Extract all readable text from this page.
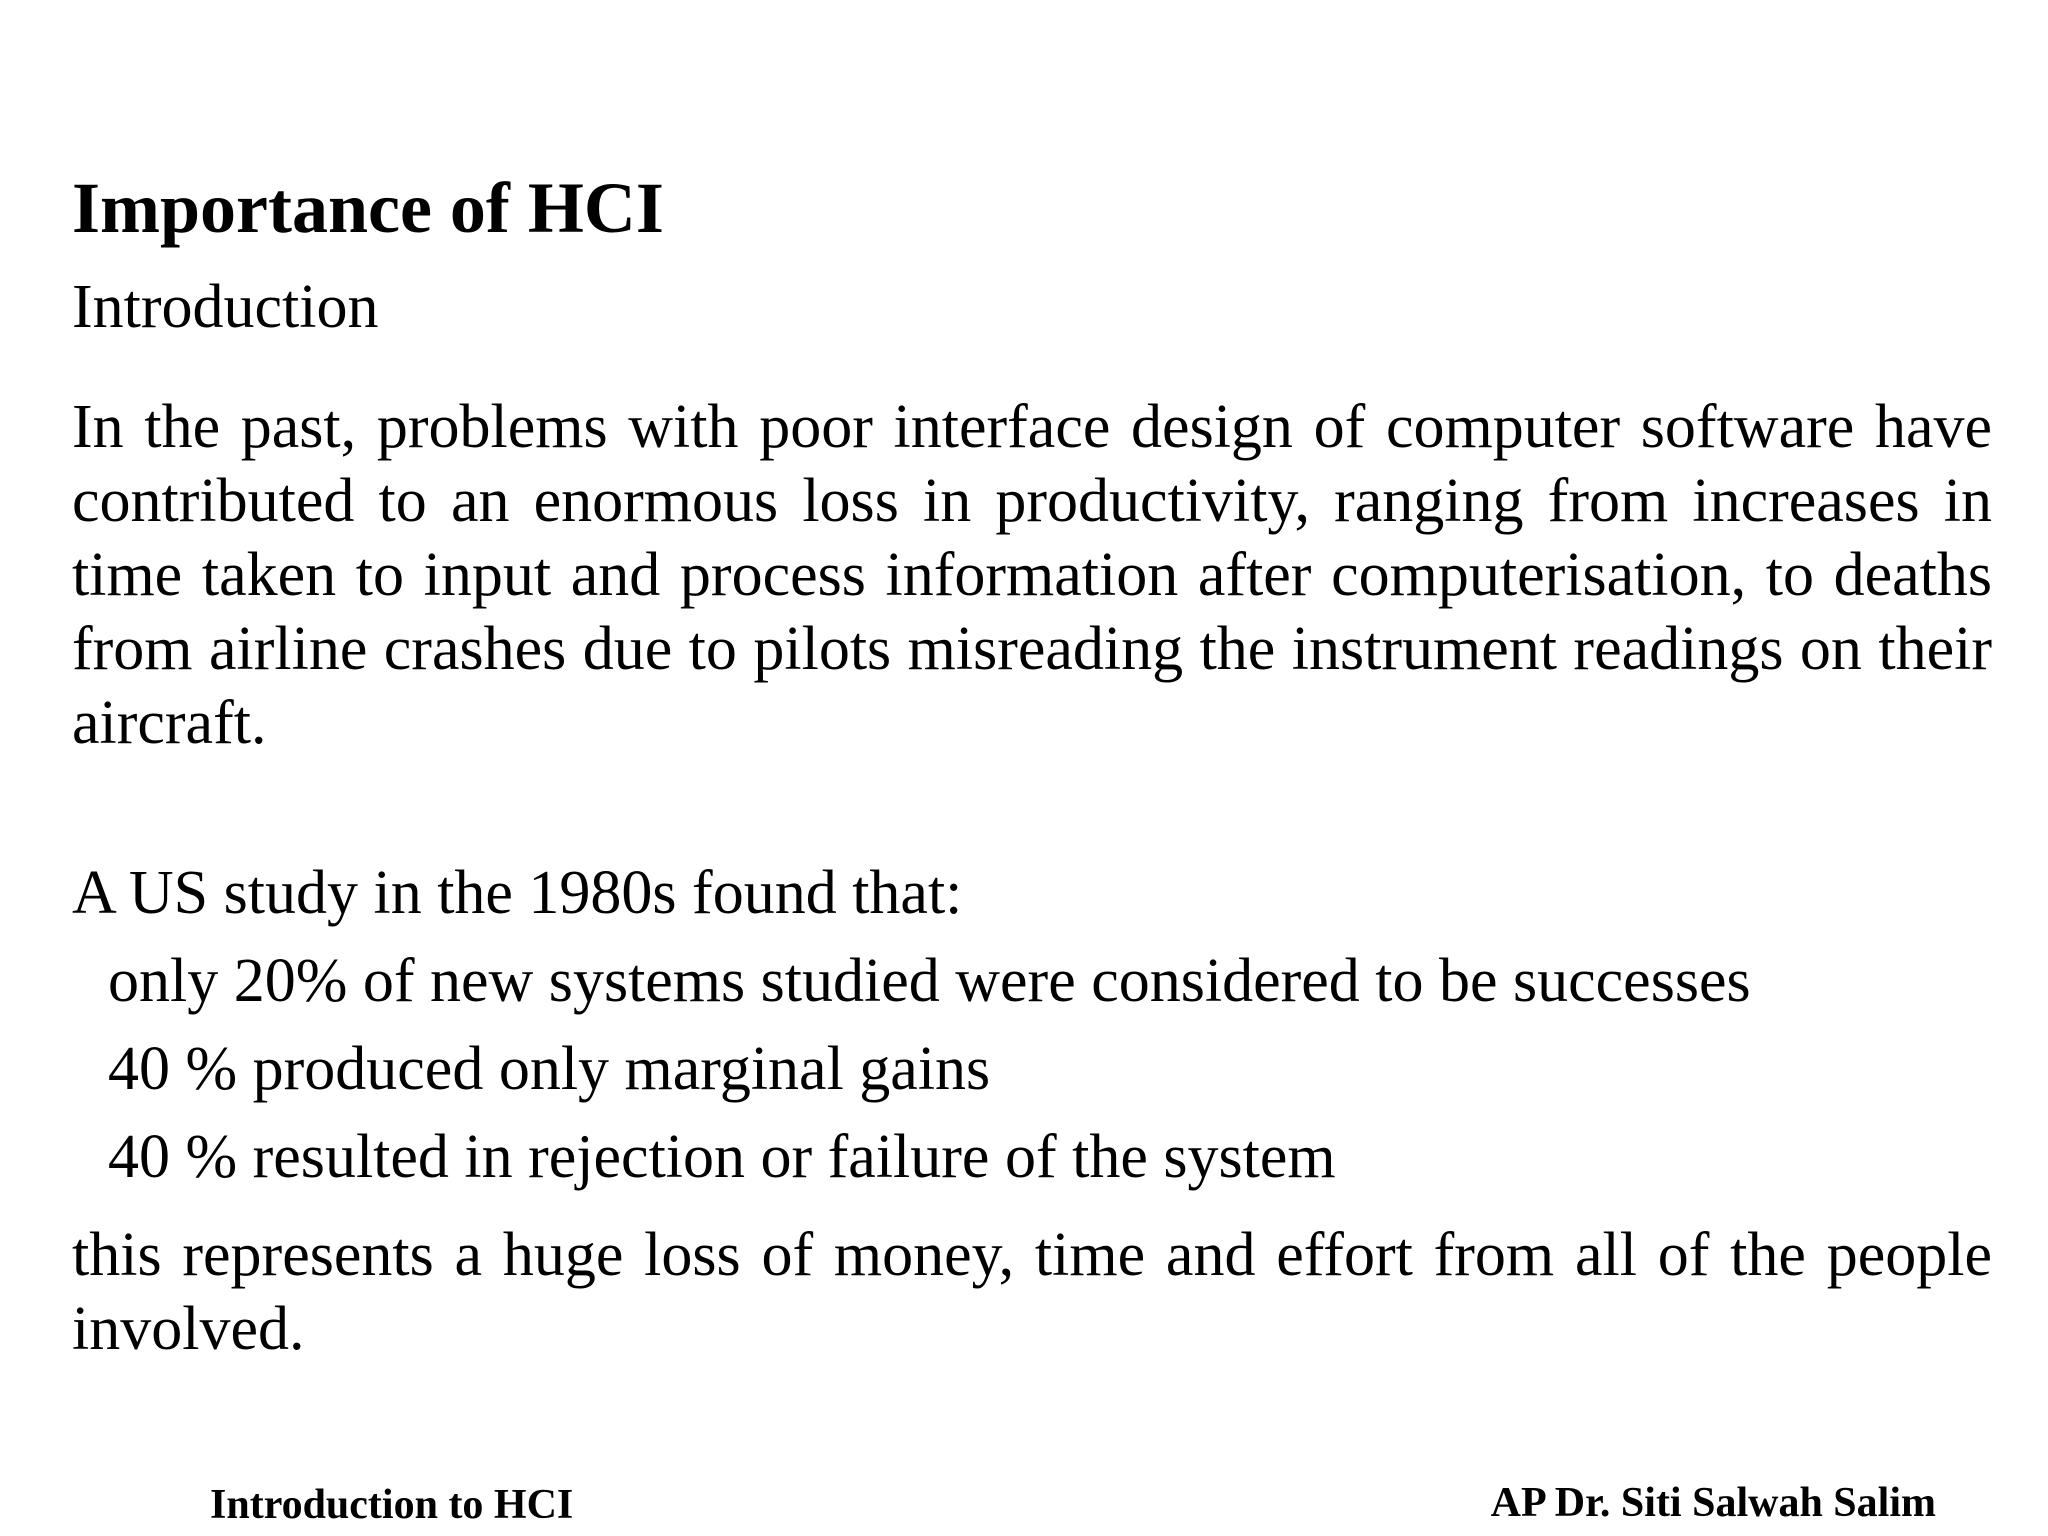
Importance of HCI
Introduction

In the past, problems with poor interface design of computer software have contributed to an enormous loss in productivity, ranging from increases in time taken to input and process information after computerisation, to deaths from airline crashes due to pilots misreading the instrument readings on their aircraft.

A US study in the 1980s found that:
only 20% of new systems studied were considered to be successes
40 % produced only marginal gains
40 % resulted in rejection or failure of the system

this represents a huge loss of money, time and effort from all of the people involved.

Introduction to HCI	AP Dr. Siti Salwah Salim
